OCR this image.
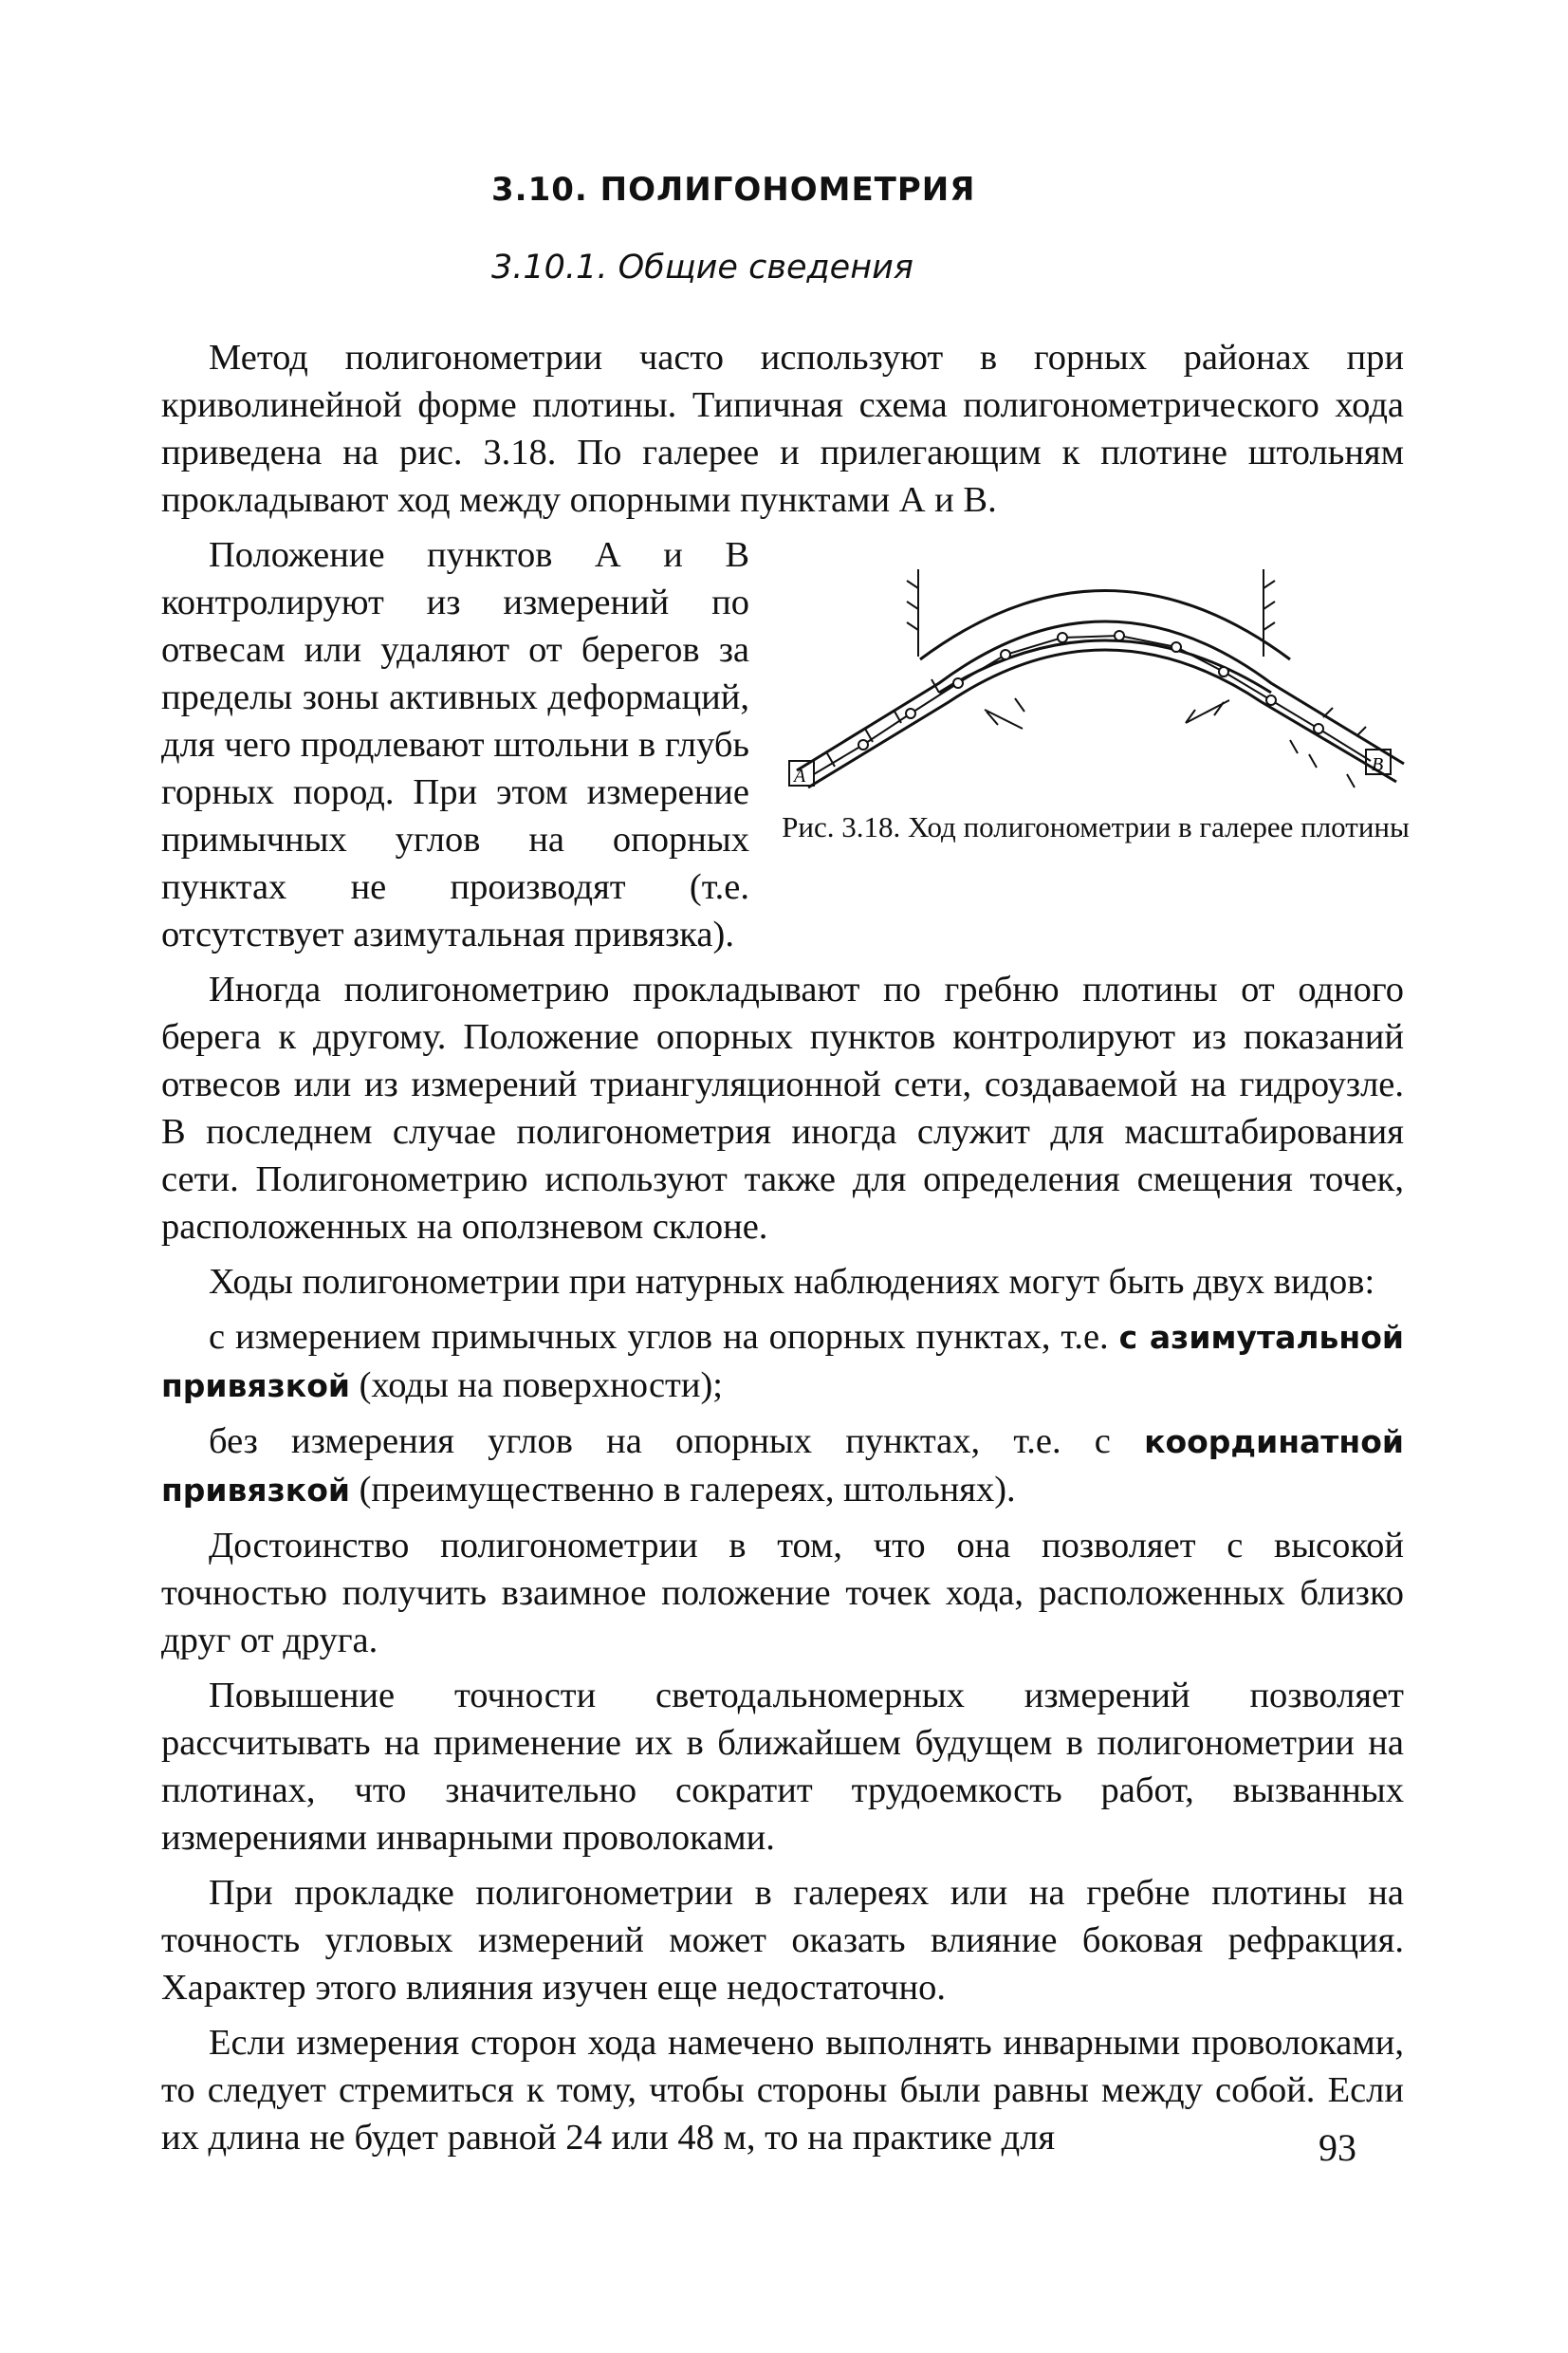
3.10. ПОЛИГОНОМЕТРИЯ
3.10.1. Общие сведения

Метод полигонометрии часто используют в горных районах при криволинейной форме плотины. Типичная схема полигонометрического хода приведена на рис. 3.18. По галерее и прилегающим к плотине штольням прокладывают ход между опорными пунктами А и В.

A
B
Рис. 3.18. Ход полигонометрии в галерее плотины

Положение пунктов А и В контролируют из измерений по отвесам или удаляют от берегов за пределы зоны активных деформаций, для чего продлевают штольни в глубь горных пород. При этом измерение примычных углов на опорных пунктах не производят (т.е. отсутствует азимутальная привязка).

Иногда полигонометрию прокладывают по гребню плотины от одного берега к другому. Положение опорных пунктов контролируют из показаний отвесов или из измерений триангуляционной сети, создаваемой на гидроузле. В последнем случае полигонометрия иногда служит для масштабирования сети. Полигонометрию используют также для определения смещения точек, расположенных на оползневом склоне.

Ходы полигонометрии при натурных наблюдениях могут быть двух видов:

с измерением примычных углов на опорных пунктах, т.е. с азимутальной привязкой (ходы на поверхности);

без измерения углов на опорных пунктах, т.е. с координатной привязкой (преимущественно в галереях, штольнях).

Достоинство полигонометрии в том, что она позволяет с высокой точностью получить взаимное положение точек хода, расположенных близко друг от друга.

Повышение точности светодальномерных измерений позволяет рассчитывать на применение их в ближайшем будущем в полигонометрии на плотинах, что значительно сократит трудоемкость работ, вызванных измерениями инварными проволоками.

При прокладке полигонометрии в галереях или на гребне плотины на точность угловых измерений может оказать влияние боковая рефракция. Характер этого влияния изучен еще недостаточно.

Если измерения сторон хода намечено выполнять инварными проволоками, то следует стремиться к тому, чтобы стороны были равны между собой. Если их длина не будет равной 24 или 48 м, то на практике для	93
